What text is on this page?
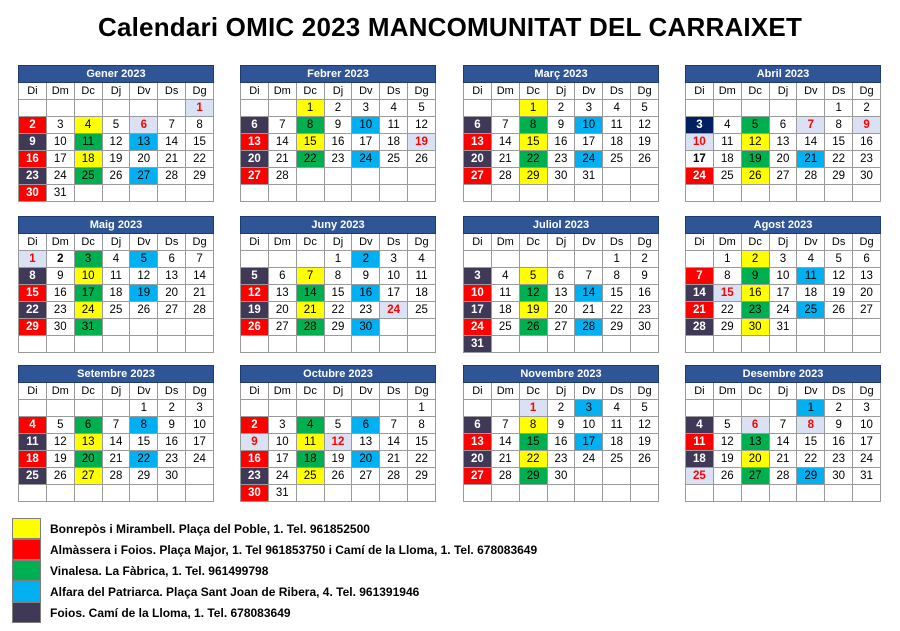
Calendari OMIC 2023 MANCOMUNITAT DEL CARRAIXET
Gener 2023						
Di	Dm	Dc	Dj	Dv	Ds	Dg
						1
2	3	4	5	6	7	8
9	10	11	12	13	14	15
16	17	18	19	20	21	22
23	24	25	26	27	28	29
30	31					
Febrer 2023						
Di	Dm	Dc	Dj	Dv	Ds	Dg
		1	2	3	4	5
6	7	8	9	10	11	12
13	14	15	16	17	18	19
20	21	22	23	24	25	26
27	28					

Març 2023						
Di	Dm	Dc	Dj	Dv	Ds	Dg
		1	2	3	4	5
6	7	8	9	10	11	12
13	14	15	16	17	18	19
20	21	22	23	24	25	26
27	28	29	30	31		

Abril 2023						
Di	Dm	Dc	Dj	Dv	Ds	Dg
					1	2
3	4	5	6	7	8	9
10	11	12	13	14	15	16
17	18	19	20	21	22	23
24	25	26	27	28	29	30

Maig 2023						
Di	Dm	Dc	Dj	Dv	Ds	Dg
1	2	3	4	5	6	7
8	9	10	11	12	13	14
15	16	17	18	19	20	21
22	23	24	25	26	27	28
29	30	31				

Juny 2023						
Di	Dm	Dc	Dj	Dv	Ds	Dg
			1	2	3	4
5	6	7	8	9	10	11
12	13	14	15	16	17	18
19	20	21	22	23	24	25
26	27	28	29	30		

Juliol 2023						
Di	Dm	Dc	Dj	Dv	Ds	Dg
					1	2
3	4	5	6	7	8	9
10	11	12	13	14	15	16
17	18	19	20	21	22	23
24	25	26	27	28	29	30
31						
Agost 2023						
Di	Dm	Dc	Dj	Dv	Ds	Dg
	1	2	3	4	5	6
7	8	9	10	11	12	13
14	15	16	17	18	19	20
21	22	23	24	25	26	27
28	29	30	31			

Setembre 2023						
Di	Dm	Dc	Dj	Dv	Ds	Dg
				1	2	3
4	5	6	7	8	9	10
11	12	13	14	15	16	17
18	19	20	21	22	23	24
25	26	27	28	29	30	

Octubre 2023						
Di	Dm	Dc	Dj	Dv	Ds	Dg
						1
2	3	4	5	6	7	8
9	10	11	12	13	14	15
16	17	18	19	20	21	22
23	24	25	26	27	28	29
30	31					
Novembre 2023						
Di	Dm	Dc	Dj	Dv	Ds	Dg
		1	2	3	4	5
6	7	8	9	10	11	12
13	14	15	16	17	18	19
20	21	22	23	24	25	26
27	28	29	30			

Desembre 2023						
Di	Dm	Dc	Dj	Dv	Ds	Dg
				1	2	3
4	5	6	7	8	9	10
11	12	13	14	15	16	17
18	19	20	21	22	23	24
25	26	27	28	29	30	31

Bonrepòs i Mirambell. Plaça del Poble, 1. Tel. 961852500
Almàssera i Foios. Plaça Major, 1. Tel 961853750 i Camí de la Lloma, 1. Tel. 678083649
Vinalesa. La Fàbrica, 1. Tel. 961499798
Alfara del Patriarca. Plaça Sant Joan de Ribera, 4. Tel. 961391946
Foios. Camí de la Lloma, 1. Tel. 678083649
